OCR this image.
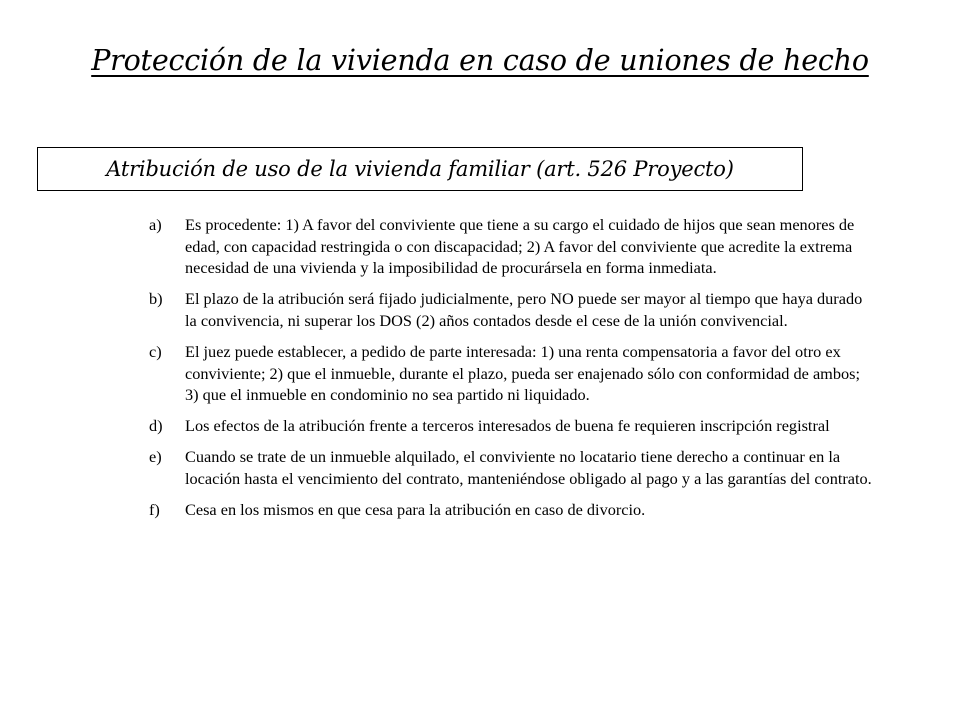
Protección de la vivienda en caso de uniones de hecho
Atribución de uso de la vivienda familiar (art. 526 Proyecto)
a)	Es procedente: 1) A favor del conviviente que tiene a su cargo el cuidado de hijos que sean menores de edad, con capacidad restringida o con discapacidad; 2) A favor del conviviente que acredite la extrema necesidad de una vivienda y la imposibilidad de procurársela en forma inmediata.
b)	El plazo de la atribución será fijado judicialmente, pero NO puede ser mayor al tiempo que haya durado la convivencia, ni superar los DOS (2) años contados desde el cese de la unión convivencial.
c)	El juez puede establecer, a pedido de parte interesada: 1) una renta compensatoria a favor del otro ex conviviente; 2) que el inmueble, durante el plazo, pueda ser enajenado sólo con conformidad de ambos; 3) que el inmueble en condominio no sea partido ni liquidado.
d)	Los efectos de la atribución frente a terceros interesados de buena fe requieren inscripción registral
e)	Cuando se trate de un inmueble alquilado, el conviviente no locatario tiene derecho a continuar en la locación hasta el vencimiento del contrato, manteniéndose obligado al pago y a las garantías del contrato.
f)	Cesa en los mismos en que cesa para la atribución en caso de divorcio.
